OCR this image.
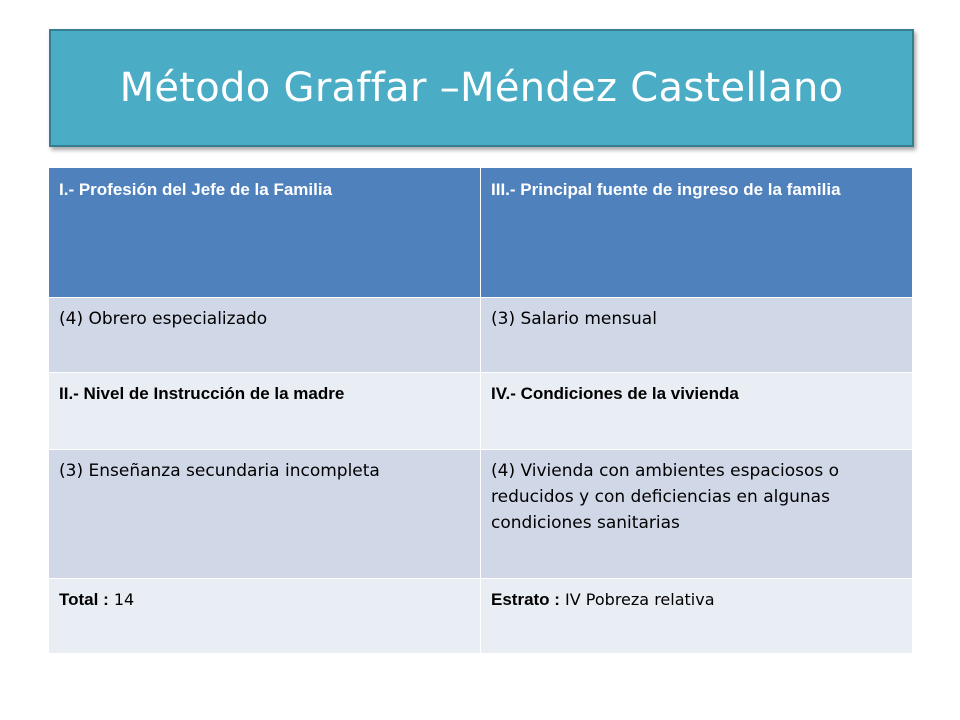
Método Graffar –Méndez Castellano
I.- Profesión del Jefe de la Familia	III.- Principal fuente de ingreso de la familia
(4) Obrero especializado	(3) Salario mensual
II.- Nivel de Instrucción de la madre	IV.- Condiciones de la vivienda
(3) Enseñanza secundaria incompleta	(4) Vivienda con ambientes espaciosos o reducidos y con deficiencias en algunas condiciones sanitarias
Total : 14	Estrato : IV Pobreza relativa
